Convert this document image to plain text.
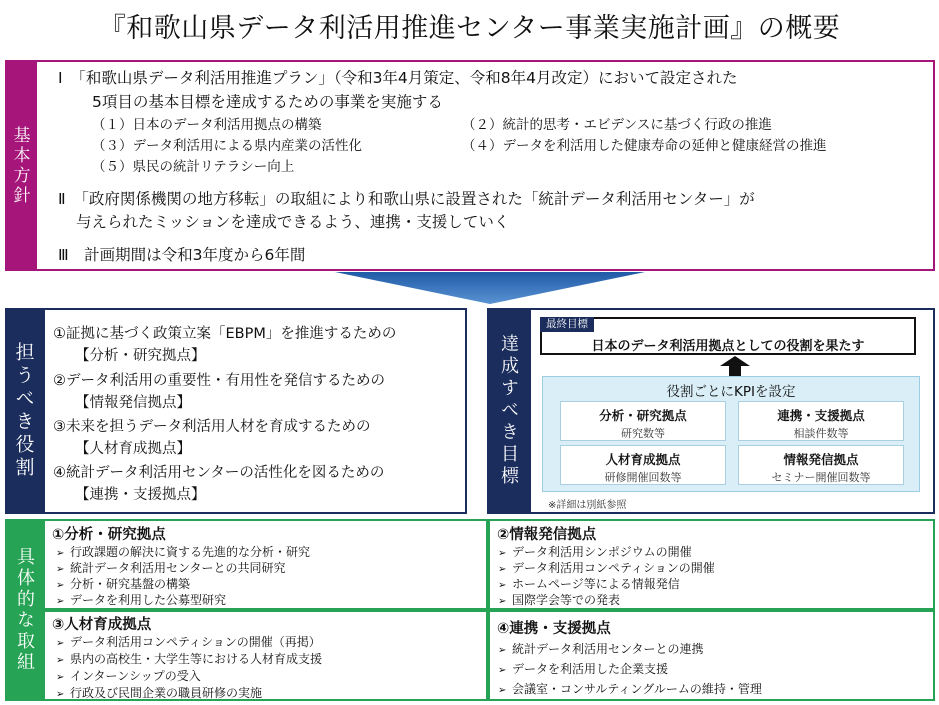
『和歌山県データ利活用推進センター事業実施計画』の概要
基本方針
Ⅰ　「和歌山県データ利活用推進プラン」（令和3年4月策定、令和8年4月改定）において設定された
5項目の基本目標を達成するための事業を実施する
（１）日本のデータ利活用拠点の構築	（２）統計的思考・エビデンスに基づく行政の推進
（３）データ利活用による県内産業の活性化	（４）データを利活用した健康寿命の延伸と健康経営の推進
（５）県民の統計リテラシー向上
Ⅱ　「政府関係機関の地方移転」の取組により和歌山県に設置された「統計データ利活用センター」が
与えられたミッションを達成できるよう、連携・支援していく
Ⅲ　計画期間は令和3年度から6年間
担うべき役割
①証拠に基づく政策立案「EBPM」を推進するための
【分析・研究拠点】
②データ利活用の重要性・有用性を発信するための
【情報発信拠点】
③未来を担うデータ利活用人材を育成するための
【人材育成拠点】
④統計データ利活用センターの活性化を図るための
【連携・支援拠点】
達成すべき目標
最終目標
日本のデータ利活用拠点としての役割を果たす
役割ごとにKPIを設定
分析・研究拠点
研究数等
連携・支援拠点
相談件数等
人材育成拠点
研修開催回数等
情報発信拠点
セミナー開催回数等
※詳細は別紙参照
具体的な取組
①分析・研究拠点
➢ 行政課題の解決に資する先進的な分析・研究
➢ 統計データ利活用センターとの共同研究
➢ 分析・研究基盤の構築
➢ データを利用した公募型研究
②情報発信拠点
➢ データ利活用シンポジウムの開催
➢ データ利活用コンペティションの開催
➢ ホームページ等による情報発信
➢ 国際学会等での発表
③人材育成拠点
➢ データ利活用コンペティションの開催（再掲）
➢ 県内の高校生・大学生等における人材育成支援
➢ インターンシップの受入
➢ 行政及び民間企業の職員研修の実施
④連携・支援拠点
➢ 統計データ利活用センターとの連携
➢ データを利活用した企業支援
➢ 会議室・コンサルティングルームの維持・管理
